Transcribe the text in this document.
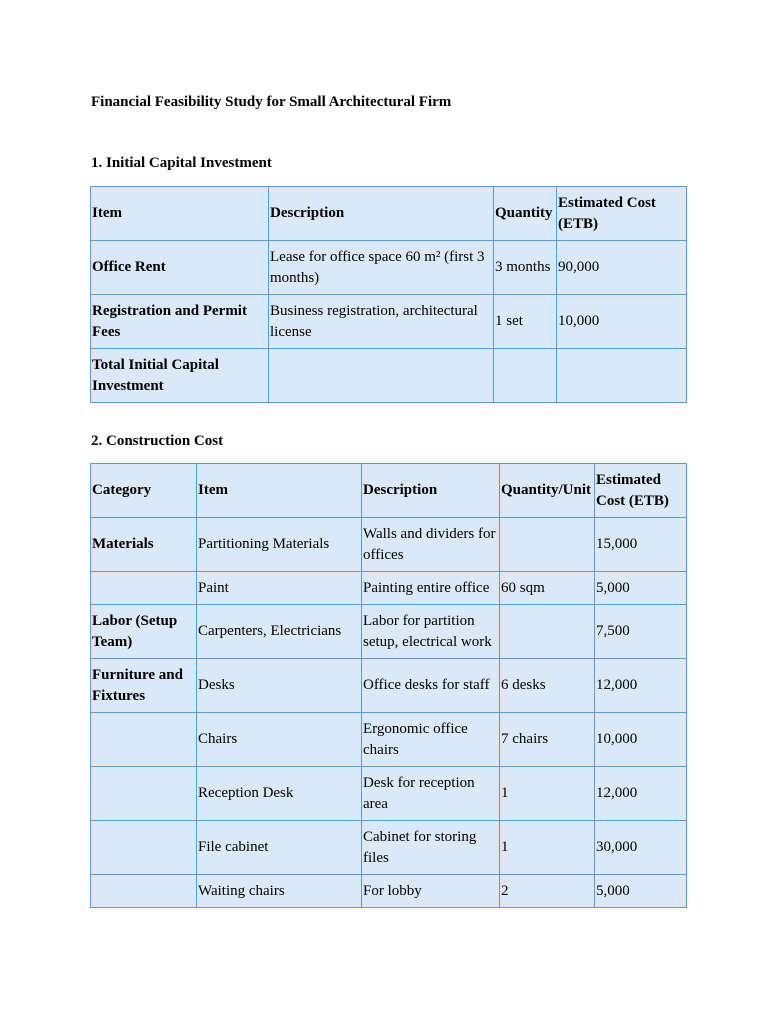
Financial Feasibility Study for Small Architectural Firm
1. Initial Capital Investment
Item	Description	Quantity	Estimated Cost (ETB)
Office Rent	Lease for office space 60 m² (first 3 months)	3 months	90,000
Registration and Permit Fees	Business registration, architectural license	1 set	10,000
Total Initial Capital Investment			
2. Construction Cost
Category	Item	Description	Quantity/Unit	Estimated Cost (ETB)
Materials	Partitioning Materials	Walls and dividers for offices		15,000
	Paint	Painting entire office	60 sqm	5,000
Labor (Setup Team)	Carpenters, Electricians	Labor for partition setup, electrical work		7,500
Furniture and Fixtures	Desks	Office desks for staff	6 desks	12,000
	Chairs	Ergonomic office chairs	7 chairs	10,000
	Reception Desk	Desk for reception area	1	12,000
	File cabinet	Cabinet for storing files	1	30,000
	Waiting chairs	For lobby	2	5,000
